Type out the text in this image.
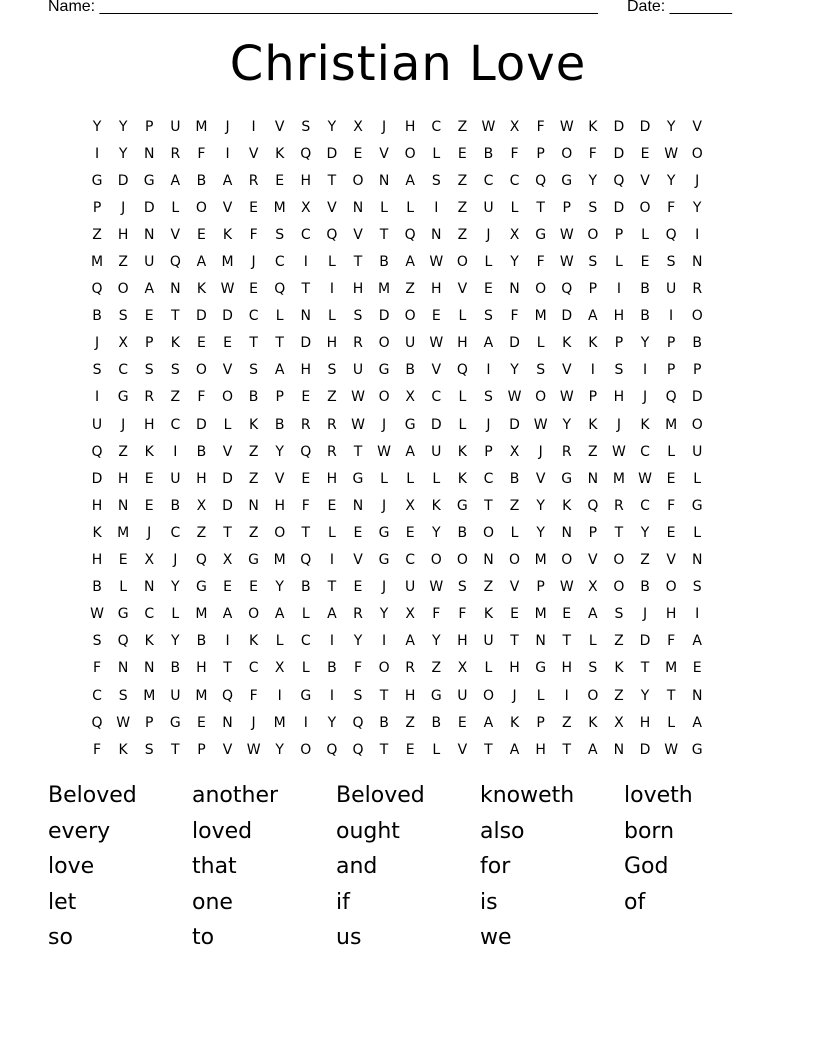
Name: ________________________________________________________ Date: _______
Christian Love
Y	Y	P	U	M	J	I	V	S	Y	X	J	H	C	Z	W	X	F	W	K	D	D	Y	V
I	Y	N	R	F	I	V	K	Q	D	E	V	O	L	E	B	F	P	O	F	D	E	W	O
G	D	G	A	B	A	R	E	H	T	O	N	A	S	Z	C	C	Q	G	Y	Q	V	Y	J
P	J	D	L	O	V	E	M	X	V	N	L	L	I	Z	U	L	T	P	S	D	O	F	Y
Z	H	N	V	E	K	F	S	C	Q	V	T	Q	N	Z	J	X	G	W	O	P	L	Q	I
M	Z	U	Q	A	M	J	C	I	L	T	B	A	W	O	L	Y	F	W	S	L	E	S	N
Q	O	A	N	K	W	E	Q	T	I	H	M	Z	H	V	E	N	O	Q	P	I	B	U	R
B	S	E	T	D	D	C	L	N	L	S	D	O	E	L	S	F	M	D	A	H	B	I	O
J	X	P	K	E	E	T	T	D	H	R	O	U	W	H	A	D	L	K	K	P	Y	P	B
S	C	S	S	O	V	S	A	H	S	U	G	B	V	Q	I	Y	S	V	I	S	I	P	P
I	G	R	Z	F	O	B	P	E	Z	W	O	X	C	L	S	W	O	W	P	H	J	Q	D
U	J	H	C	D	L	K	B	R	R	W	J	G	D	L	J	D	W	Y	K	J	K	M	O
Q	Z	K	I	B	V	Z	Y	Q	R	T	W	A	U	K	P	X	J	R	Z	W	C	L	U
D	H	E	U	H	D	Z	V	E	H	G	L	L	L	K	C	B	V	G	N	M	W	E	L
H	N	E	B	X	D	N	H	F	E	N	J	X	K	G	T	Z	Y	K	Q	R	C	F	G
K	M	J	C	Z	T	Z	O	T	L	E	G	E	Y	B	O	L	Y	N	P	T	Y	E	L
H	E	X	J	Q	X	G	M	Q	I	V	G	C	O	O	N	O	M	O	V	O	Z	V	N
B	L	N	Y	G	E	E	Y	B	T	E	J	U	W	S	Z	V	P	W	X	O	B	O	S
W	G	C	L	M	A	O	A	L	A	R	Y	X	F	F	K	E	M	E	A	S	J	H	I
S	Q	K	Y	B	I	K	L	C	I	Y	I	A	Y	H	U	T	N	T	L	Z	D	F	A
F	N	N	B	H	T	C	X	L	B	F	O	R	Z	X	L	H	G	H	S	K	T	M	E
C	S	M	U	M	Q	F	I	G	I	S	T	H	G	U	O	J	L	I	O	Z	Y	T	N
Q	W	P	G	E	N	J	M	I	Y	Q	B	Z	B	E	A	K	P	Z	K	X	H	L	A
F	K	S	T	P	V	W	Y	O	Q	Q	T	E	L	V	T	A	H	T	A	N	D	W	G
Beloved	another	Beloved	knoweth	loveth
every	loved	ought	also	born
love	that	and	for	God
let	one	if	is	of
so	to	us	we
